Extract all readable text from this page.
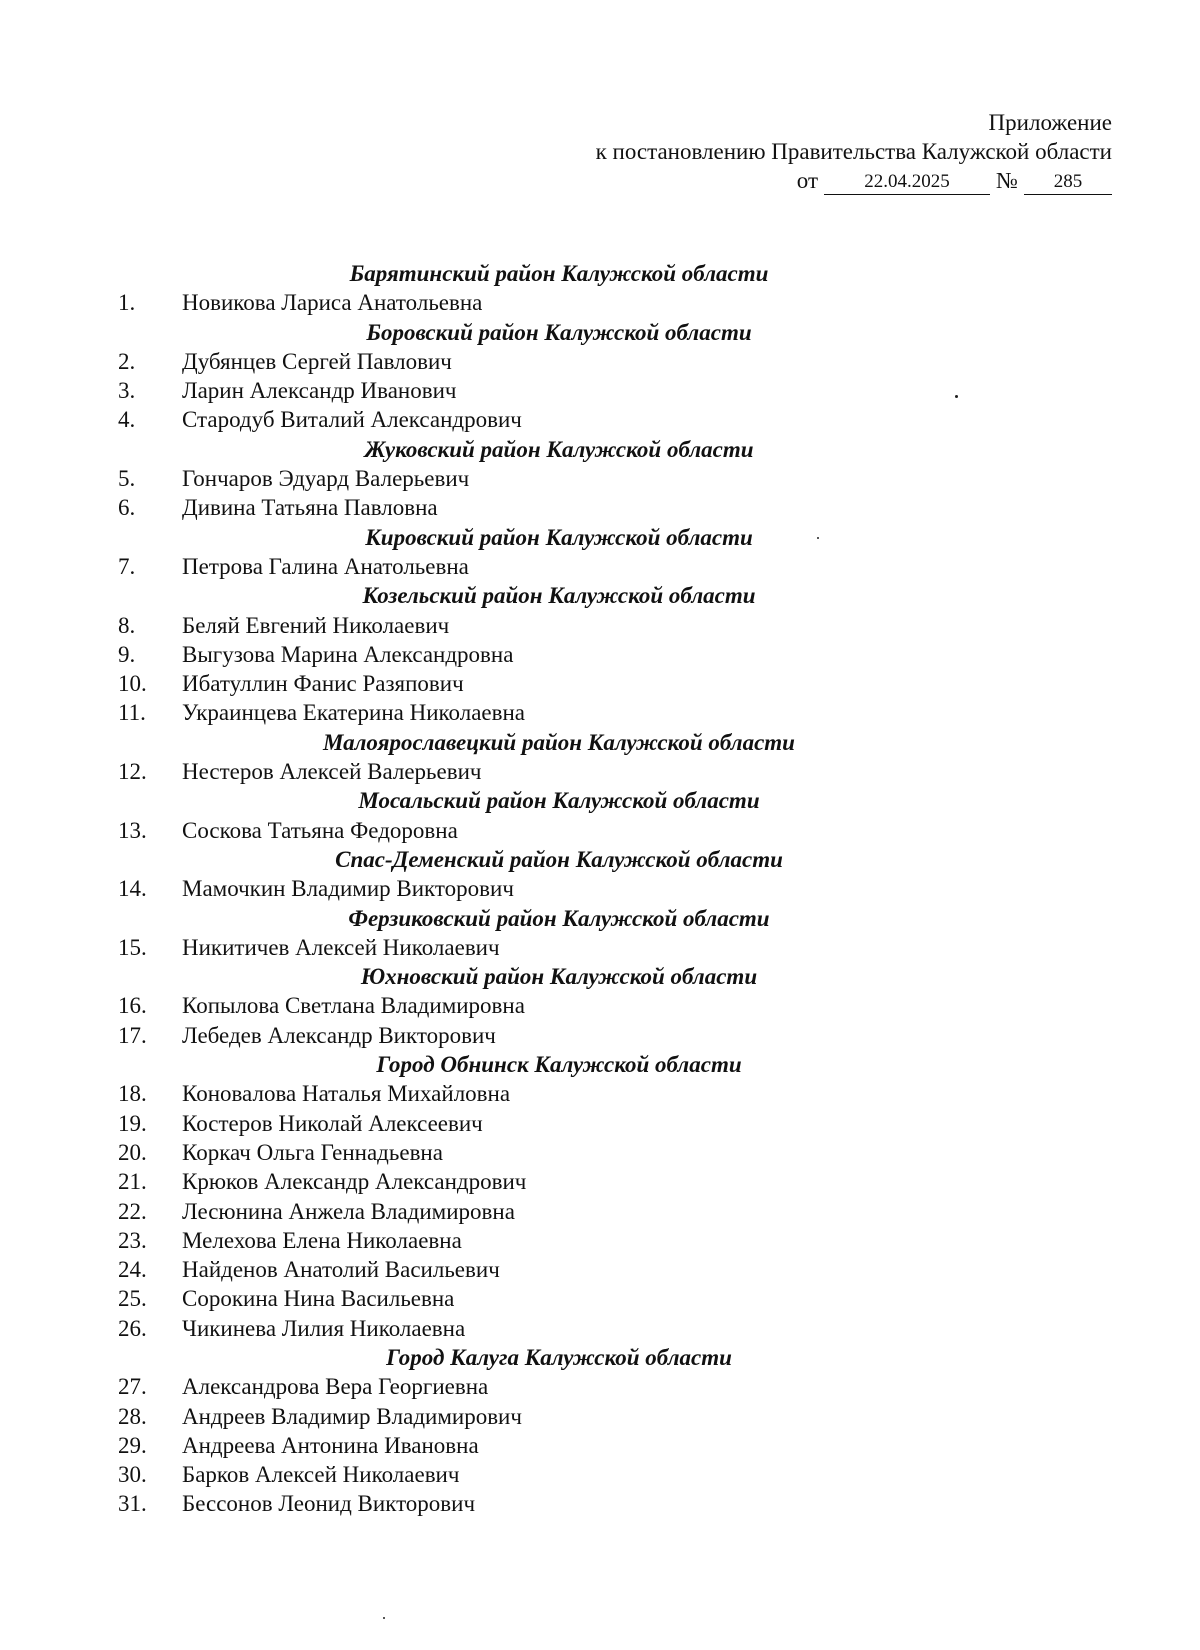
Приложение
к постановлению Правительства Калужской области
от	22.04.2025	№	285
Барятинский район Калужской области
1.	Новикова Лариса Анатольевна
Боровский район Калужской области
2.	Дубянцев Сергей Павлович
3.	Ларин Александр Иванович
4.	Стародуб Виталий Александрович
Жуковский район Калужской области
5.	Гончаров Эдуард Валерьевич
6.	Дивина Татьяна Павловна
Кировский район Калужской области
7.	Петрова Галина Анатольевна
Козельский район Калужской области
8.	Беляй Евгений Николаевич
9.	Выгузова Марина Александровна
10.	Ибатуллин Фанис Разяпович
11.	Украинцева Екатерина Николаевна
Малоярославецкий район Калужской области
12.	Нестеров Алексей Валерьевич
Мосальский район Калужской области
13.	Соскова Татьяна Федоровна
Спас-Деменский район Калужской области
14.	Мамочкин Владимир Викторович
Ферзиковский район Калужской области
15.	Никитичев Алексей Николаевич
Юхновский район Калужской области
16.	Копылова Светлана Владимировна
17.	Лебедев Александр Викторович
Город Обнинск Калужской области
18.	Коновалова Наталья Михайловна
19.	Костеров Николай Алексеевич
20.	Коркач Ольга Геннадьевна
21.	Крюков Александр Александрович
22.	Лесюнина Анжела Владимировна
23.	Мелехова Елена Николаевна
24.	Найденов Анатолий Васильевич
25.	Сорокина Нина Васильевна
26.	Чикинева Лилия Николаевна
Город Калуга Калужской области
27.	Александрова Вера Георгиевна
28.	Андреев Владимир Владимирович
29.	Андреева Антонина Ивановна
30.	Барков Алексей Николаевич
31.	Бессонов Леонид Викторович
